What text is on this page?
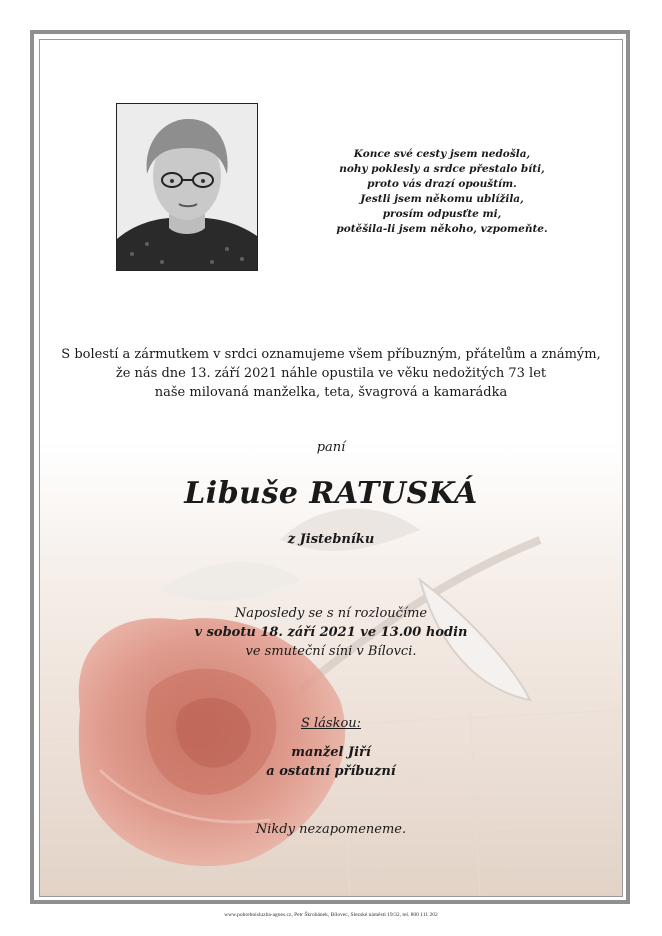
Konce své cesty jsem nedošla,
nohy poklesly a srdce přestalo bíti,
proto vás drazí opouštím.
Jestli jsem někomu ublížila,
prosím odpusťte mi,
potěšila-li jsem někoho, vzpomeňte.
S bolestí a zármutkem v srdci oznamujeme všem příbuzným, přátelům a známým,
že nás dne 13. září 2021 náhle opustila ve věku nedožitých 73 let
naše milovaná manželka, teta, švagrová a kamarádka
paní
Libuše RATUSKÁ
z Jistebníku
Naposledy se s ní rozloučíme
v sobotu 18. září 2021 ve 13.00 hodin
ve smuteční síni v Bílovci.
S láskou:
manžel Jiří
a ostatní příbuzní
Nikdy nezapomeneme.
www.pohrebnisluzba-agnes.cz, Petr Škrobánek, Bílovec, Slezské náměstí 19/32, tel. 800 111 202
